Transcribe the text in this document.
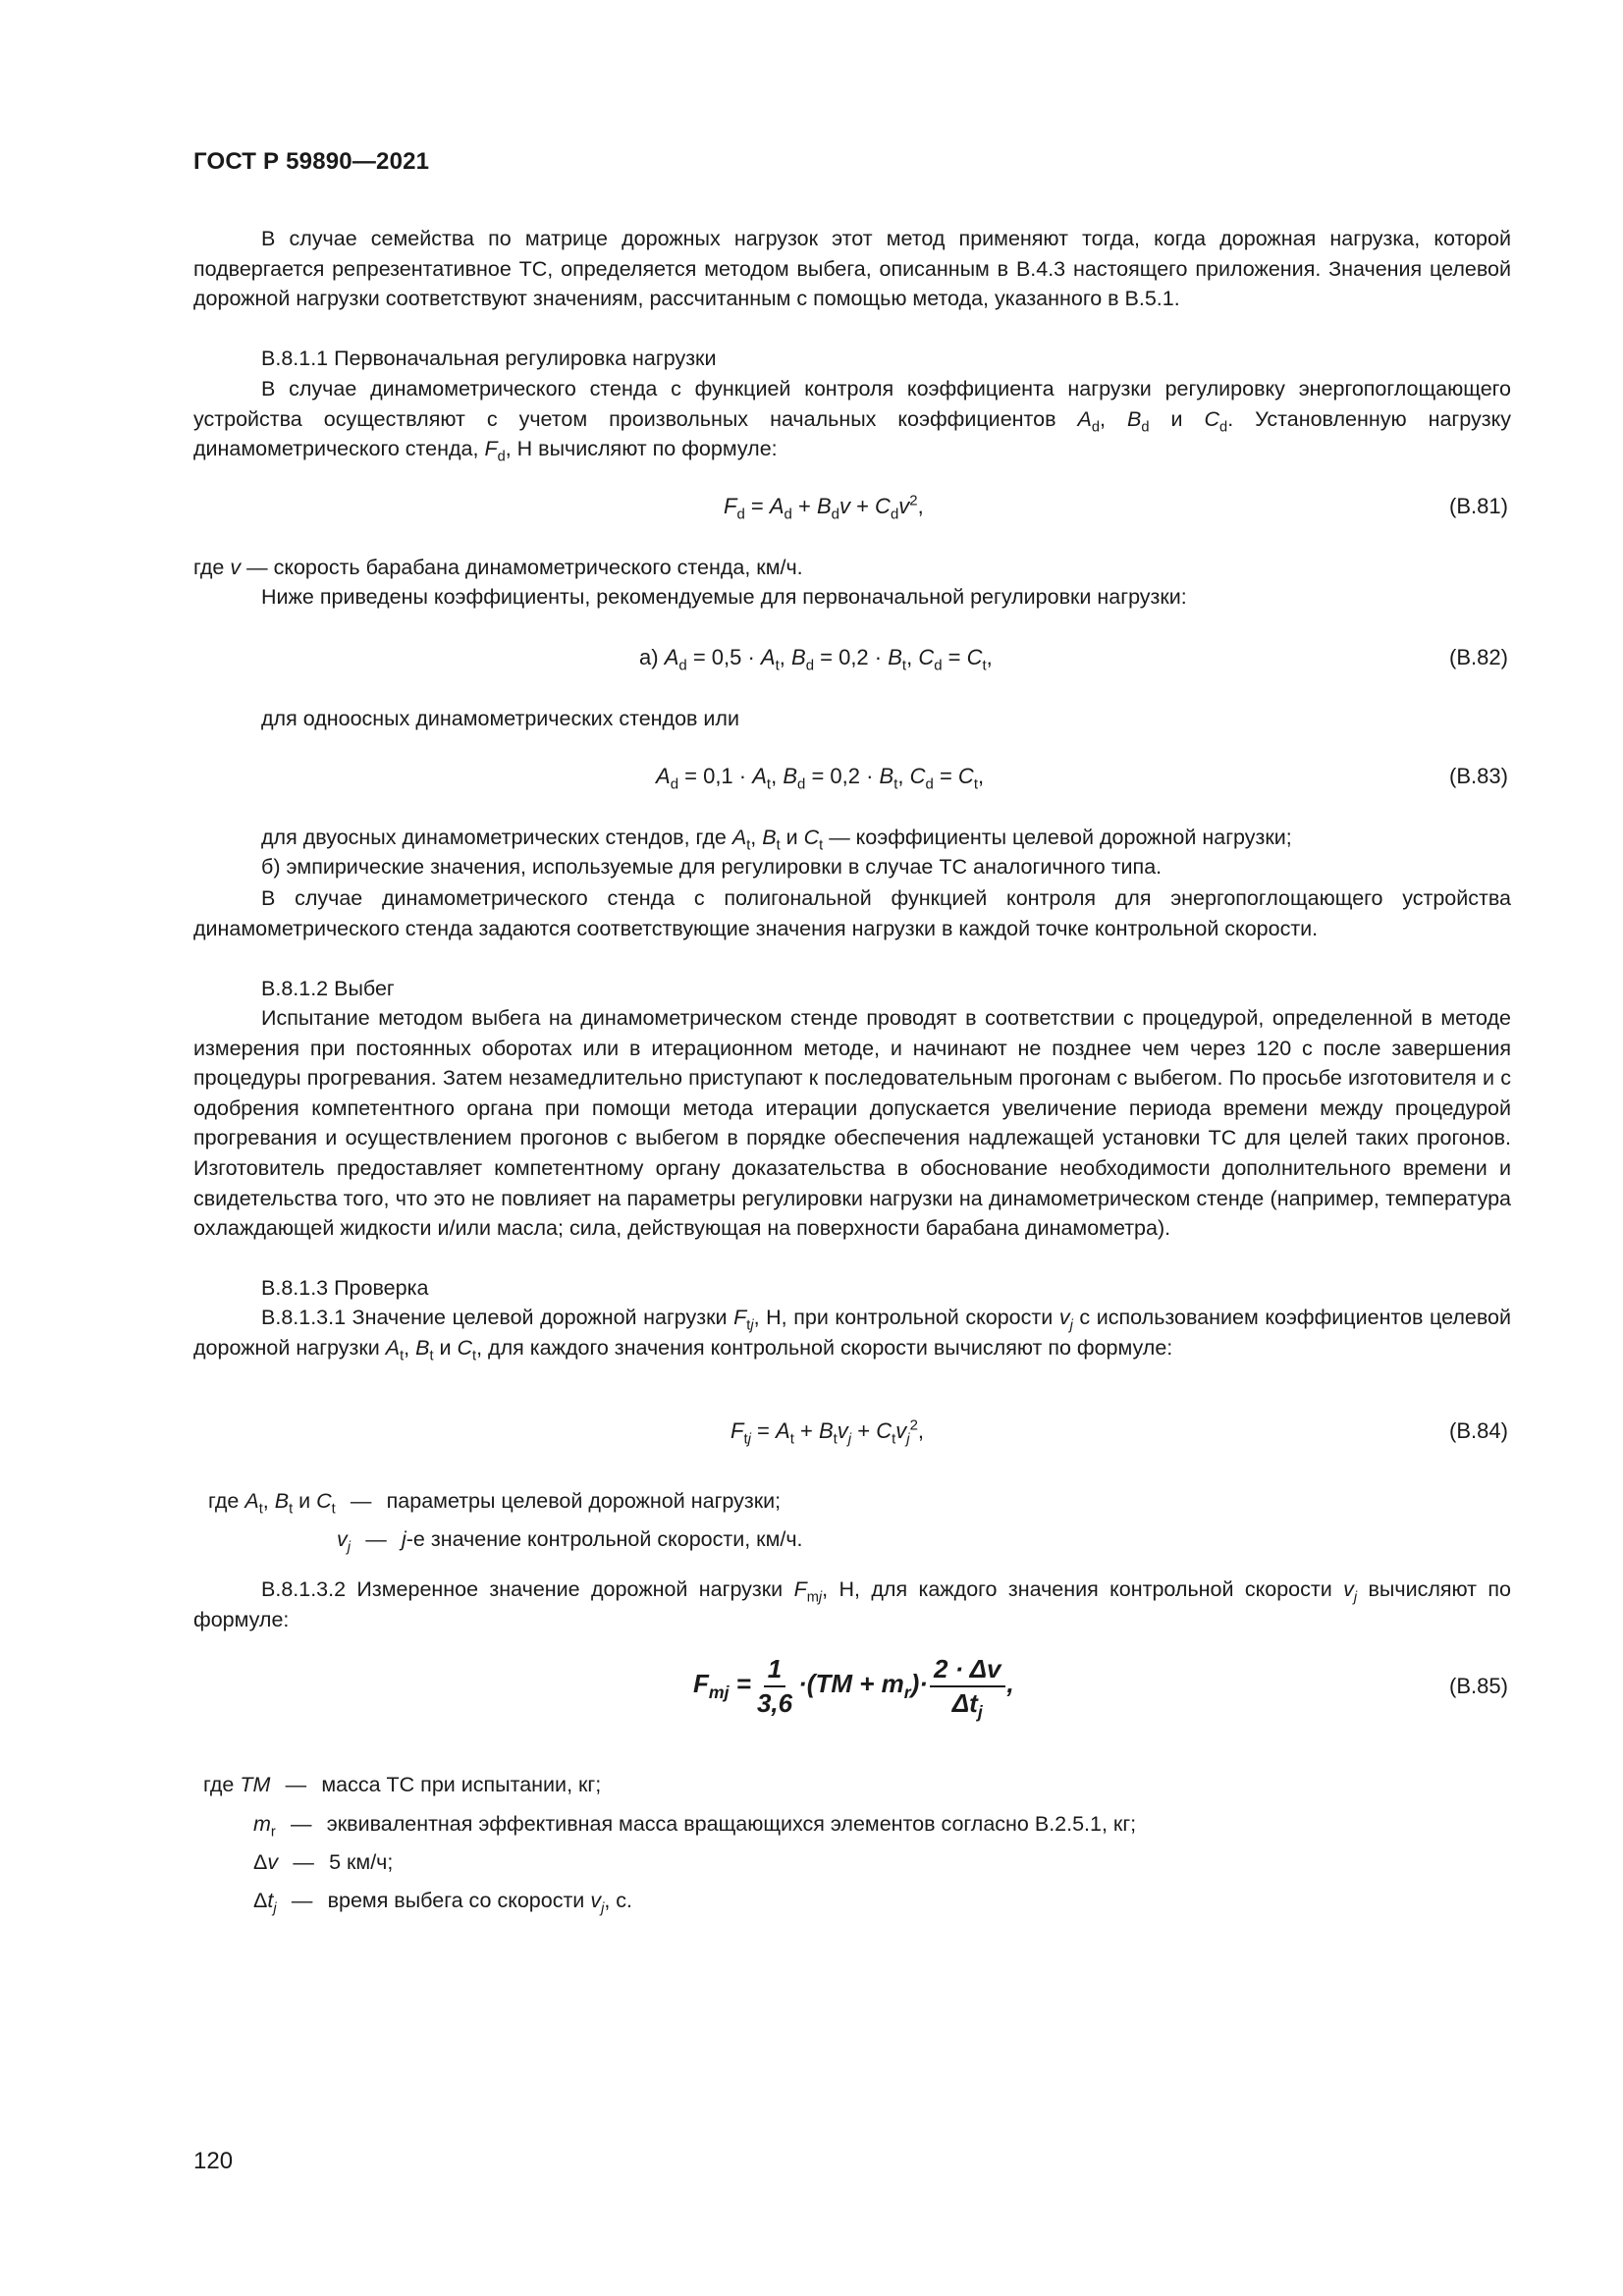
ГОСТ Р 59890—2021

В случае семейства по матрице дорожных нагрузок этот метод применяют тогда, когда дорожная нагрузка, которой подвергается репрезентативное ТС, определяется методом выбега, описанным в В.4.3 настоящего приложения. Значения целевой дорожной нагрузки соответствуют значениям, рассчитанным с помощью метода, указанного в В.5.1.

В.8.1.1 Первоначальная регулировка нагрузки

В случае динамометрического стенда с функцией контроля коэффициента нагрузки регулировку энергопоглощающего устройства осуществляют с учетом произвольных начальных коэффициентов $A_d$, $B_d$ и $C_d$. Установленную нагрузку динамометрического стенда, $F_d$, Н вычисляют по формуле:

$F_d = A_d + B_dv + C_dv^2$,	(В.81)
где v — скорость барабана динамометрического стенда, км/ч.
Ниже приведены коэффициенты, рекомендуемые для первоначальной регулировки нагрузки:
а) $A_d = 0,5 \cdot A_t$, $B_d = 0,2 \cdot B_t$, $C_d = C_t$,	(В.82)
для одноосных динамометрических стендов или
$A_d = 0,1 \cdot A_t$, $B_d = 0,2 \cdot B_t$, $C_d = C_t$,	(В.83)
для двуосных динамометрических стендов, где $A_t$, $B_t$ и $C_t$ — коэффициенты целевой дорожной нагрузки;
б) эмпирические значения, используемые для регулировки в случае ТС аналогичного типа.

В случае динамометрического стенда с полигональной функцией контроля для энергопоглощающего устройства динамометрического стенда задаются соответствующие значения нагрузки в каждой точке контрольной скорости.

В.8.1.2 Выбег

Испытание методом выбега на динамометрическом стенде проводят в соответствии с процедурой, определенной в методе измерения при постоянных оборотах или в итерационном методе, и начинают не позднее чем через 120 с после завершения процедуры прогревания. Затем незамедлительно приступают к последовательным прогонам с выбегом. По просьбе изготовителя и с одобрения компетентного органа при помощи метода итерации допускается увеличение периода времени между процедурой прогревания и осуществлением прогонов с выбегом в порядке обеспечения надлежащей установки ТС для целей таких прогонов. Изготовитель предоставляет компетентному органу доказательства в обоснование необходимости дополнительного времени и свидетельства того, что это не повлияет на параметры регулировки нагрузки на динамометрическом стенде (например, температура охлаждающей жидкости и/или масла; сила, действующая на поверхности барабана динамометра).

В.8.1.3 Проверка

В.8.1.3.1 Значение целевой дорожной нагрузки $F_{tj}$, Н, при контрольной скорости $v_j$ с использованием коэффициентов целевой дорожной нагрузки $A_t$, $B_t$ и $C_t$, для каждого значения контрольной скорости вычисляют по формуле:

$F_{tj} = A_t + B_tv_j + C_tv_j^2$,	(В.84)
где $A_t$, $B_t$ и $C_t$ — параметры целевой дорожной нагрузки;
$v_j$ — j-е значение контрольной скорости, км/ч.

В.8.1.3.2 Измеренное значение дорожной нагрузки $F_{mj}$, Н, для каждого значения контрольной скорости $v_j$ вычисляют по формуле:

$F_{mj} = \frac{1}{3,6} \cdot(TM + m_r)\cdot \frac{2 \cdot \Delta v}{\Delta t_j}$ ,	(В.85)
где TM — масса ТС при испытании, кг;
$m_r$ — эквивалентная эффективная масса вращающихся элементов согласно В.2.5.1, кг;
Δv — 5 км/ч;
$\Delta t_j$ — время выбега со скорости $v_j$, с.
120
